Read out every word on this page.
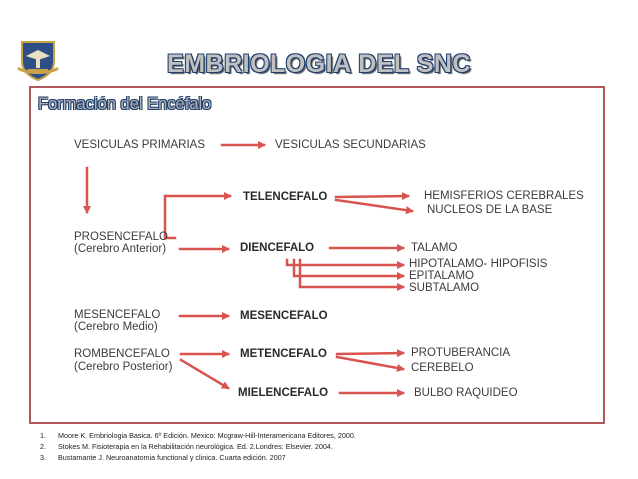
EMBRIOLOGIA DEL SNC
Formación del Encéfalo
VESICULAS PRIMARIAS	VESICULAS SECUNDARIAS
PROSENCEFALO
(Cerebro Anterior)
MESENCEFALO
(Cerebro Medio)
ROMBENCEFALO
(Cerebro Posterior)
TELENCEFALO
DIENCEFALO
MESENCEFALO
METENCEFALO
MIELENCEFALO
HEMISFERIOS CEREBRALES
NUCLEOS DE LA BASE
TALAMO
HIPOTALAMO- HIPOFISIS
EPITALAMO
SUBTALAMO
PROTUBERANCIA
CEREBELO
BULBO RAQUIDEO
1. Moore K. Embriologia Basica. 6º Edición. Mexico: Mcgraw-Hill-Interamericana Editores, 2000.
2. Stokes M. Fisioterapia en la Rehabilitación neurológica. Ed. 2.Londres: Elsevier. 2004.
3. Bustamante J. Neuroanatomia functional y clinica. Cuarta edición. 2007
